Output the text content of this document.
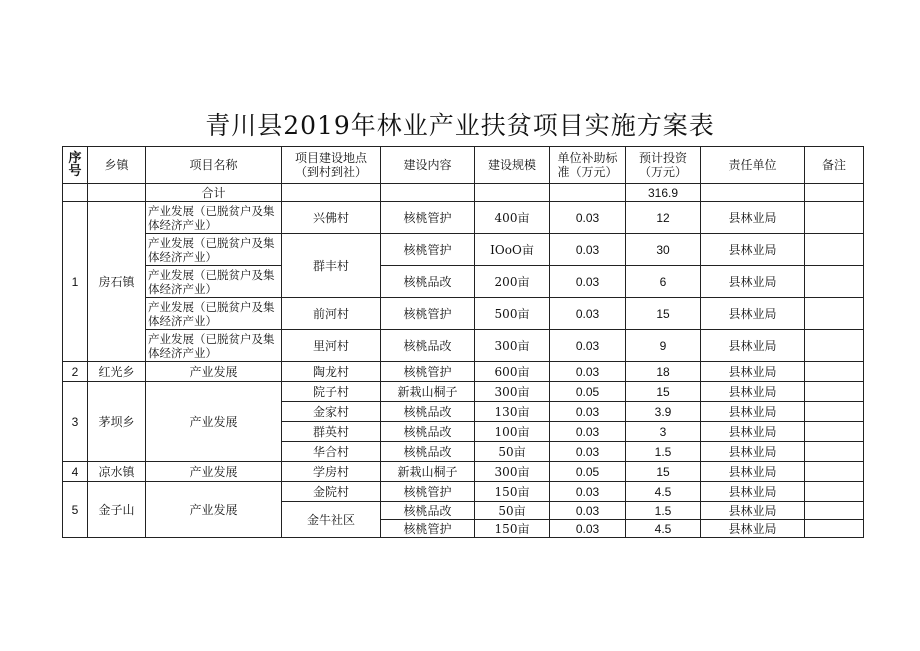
青川县2019年林业产业扶贫项目实施方案表
序号	乡镇	项目名称	项目建设地点（到村到社）	建设内容	建设规模	单位补助标准（万元）	预计投资（万元）	责任单位	备注
		合计					316.9		
1	房石镇	产业发展（已脱贫户及集体经济产业）	兴佛村	核桃管护	400亩	0.03	12	县林业局	
		产业发展（已脱贫户及集体经济产业）	群丰村	核桃管护	IOoO亩	0.03	30	县林业局	
		产业发展（已脱贫户及集体经济产业）		核桃品改	200亩	0.03	6	县林业局	
		产业发展（已脱贫户及集体经济产业）	前河村	核桃管护	500亩	0.03	15	县林业局	
		产业发展（已脱贫户及集体经济产业）	里河村	核桃品改	300亩	0.03	9	县林业局	
2	红光乡	产业发展	陶龙村	核桃管护	600亩	0.03	18	县林业局	
3	茅坝乡	产业发展	院子村	新栽山桐子	300亩	0.05	15	县林业局	
			金家村	核桃品改	130亩	0.03	3.9	县林业局	
			群英村	核桃品改	100亩	0.03	3	县林业局	
			华合村	核桃品改	50亩	0.03	1.5	县林业局	
4	凉水镇	产业发展	学房村	新栽山桐子	300亩	0.05	15	县林业局	
5	金子山	产业发展	金院村	核桃管护	150亩	0.03	4.5	县林业局	
			金牛社区	核桃品改	50亩	0.03	1.5	县林业局	
				核桃管护	150亩	0.03	4.5	县林业局	
